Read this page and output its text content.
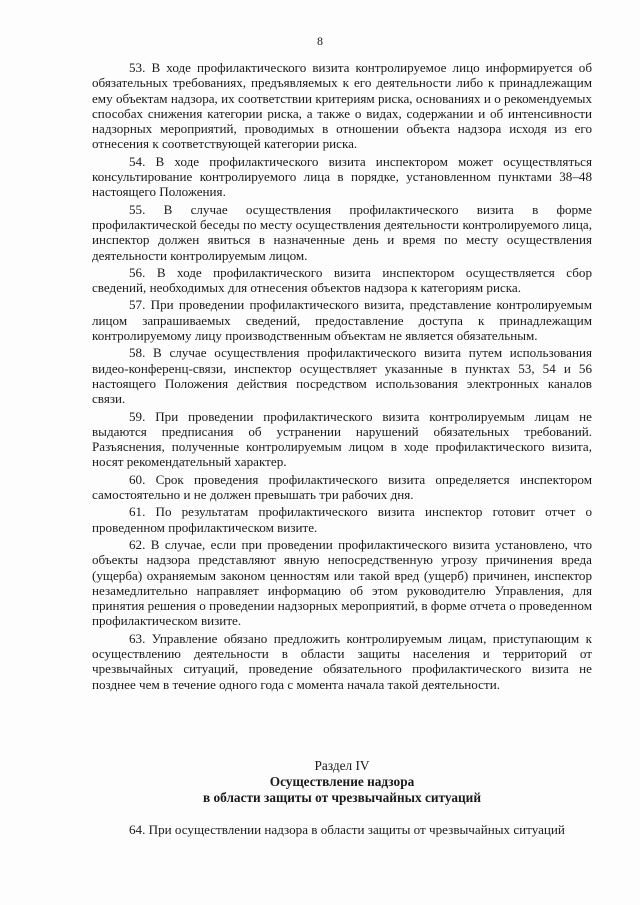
8

53. В ходе профилактического визита контролируемое лицо информируется об обязательных требованиях, предъявляемых к его деятельности либо к принадлежащим ему объектам надзора, их соответствии критериям риска, основаниях и о рекомендуемых способах снижения категории риска, а также о видах, содержании и об интенсивности надзорных мероприятий, проводимых в отношении объекта надзора исходя из его отнесения к соответствующей категории риска.

54. В ходе профилактического визита инспектором может осуществляться консультирование контролируемого лица в порядке, установленном пунктами 38–48 настоящего Положения.

55. В случае осуществления профилактического визита в форме профилактической беседы по месту осуществления деятельности контролируемого лица, инспектор должен явиться в назначенные день и время по месту осуществления деятельности контролируемым лицом.

56. В ходе профилактического визита инспектором осуществляется сбор сведений, необходимых для отнесения объектов надзора к категориям риска.

57. При проведении профилактического визита, представление контролируемым лицом запрашиваемых сведений, предоставление доступа к принадлежащим контролируемому лицу производственным объектам не является обязательным.

58. В случае осуществления профилактического визита путем использования видео-конференц-связи, инспектор осуществляет указанные в пунктах 53, 54 и 56 настоящего Положения действия посредством использования электронных каналов связи.

59. При проведении профилактического визита контролируемым лицам не выдаются предписания об устранении нарушений обязательных требований. Разъяснения, полученные контролируемым лицом в ходе профилактического визита, носят рекомендательный характер.

60. Срок проведения профилактического визита определяется инспектором самостоятельно и не должен превышать три рабочих дня.

61. По результатам профилактического визита инспектор готовит отчет о проведенном профилактическом визите.

62. В случае, если при проведении профилактического визита установлено, что объекты надзора представляют явную непосредственную угрозу причинения вреда (ущерба) охраняемым законом ценностям или такой вред (ущерб) причинен, инспектор незамедлительно направляет информацию об этом руководителю Управления, для принятия решения о проведении надзорных мероприятий, в форме отчета о проведенном профилактическом визите.

63. Управление обязано предложить контролируемым лицам, приступающим к осуществлению деятельности в области защиты населения и территорий от чрезвычайных ситуаций, проведение обязательного профилактического визита не позднее чем в течение одного года с момента начала такой деятельности.

Раздел IV
Осуществление надзора
в области защиты от чрезвычайных ситуаций
64. При осуществлении надзора в области защиты от чрезвычайных ситуаций
